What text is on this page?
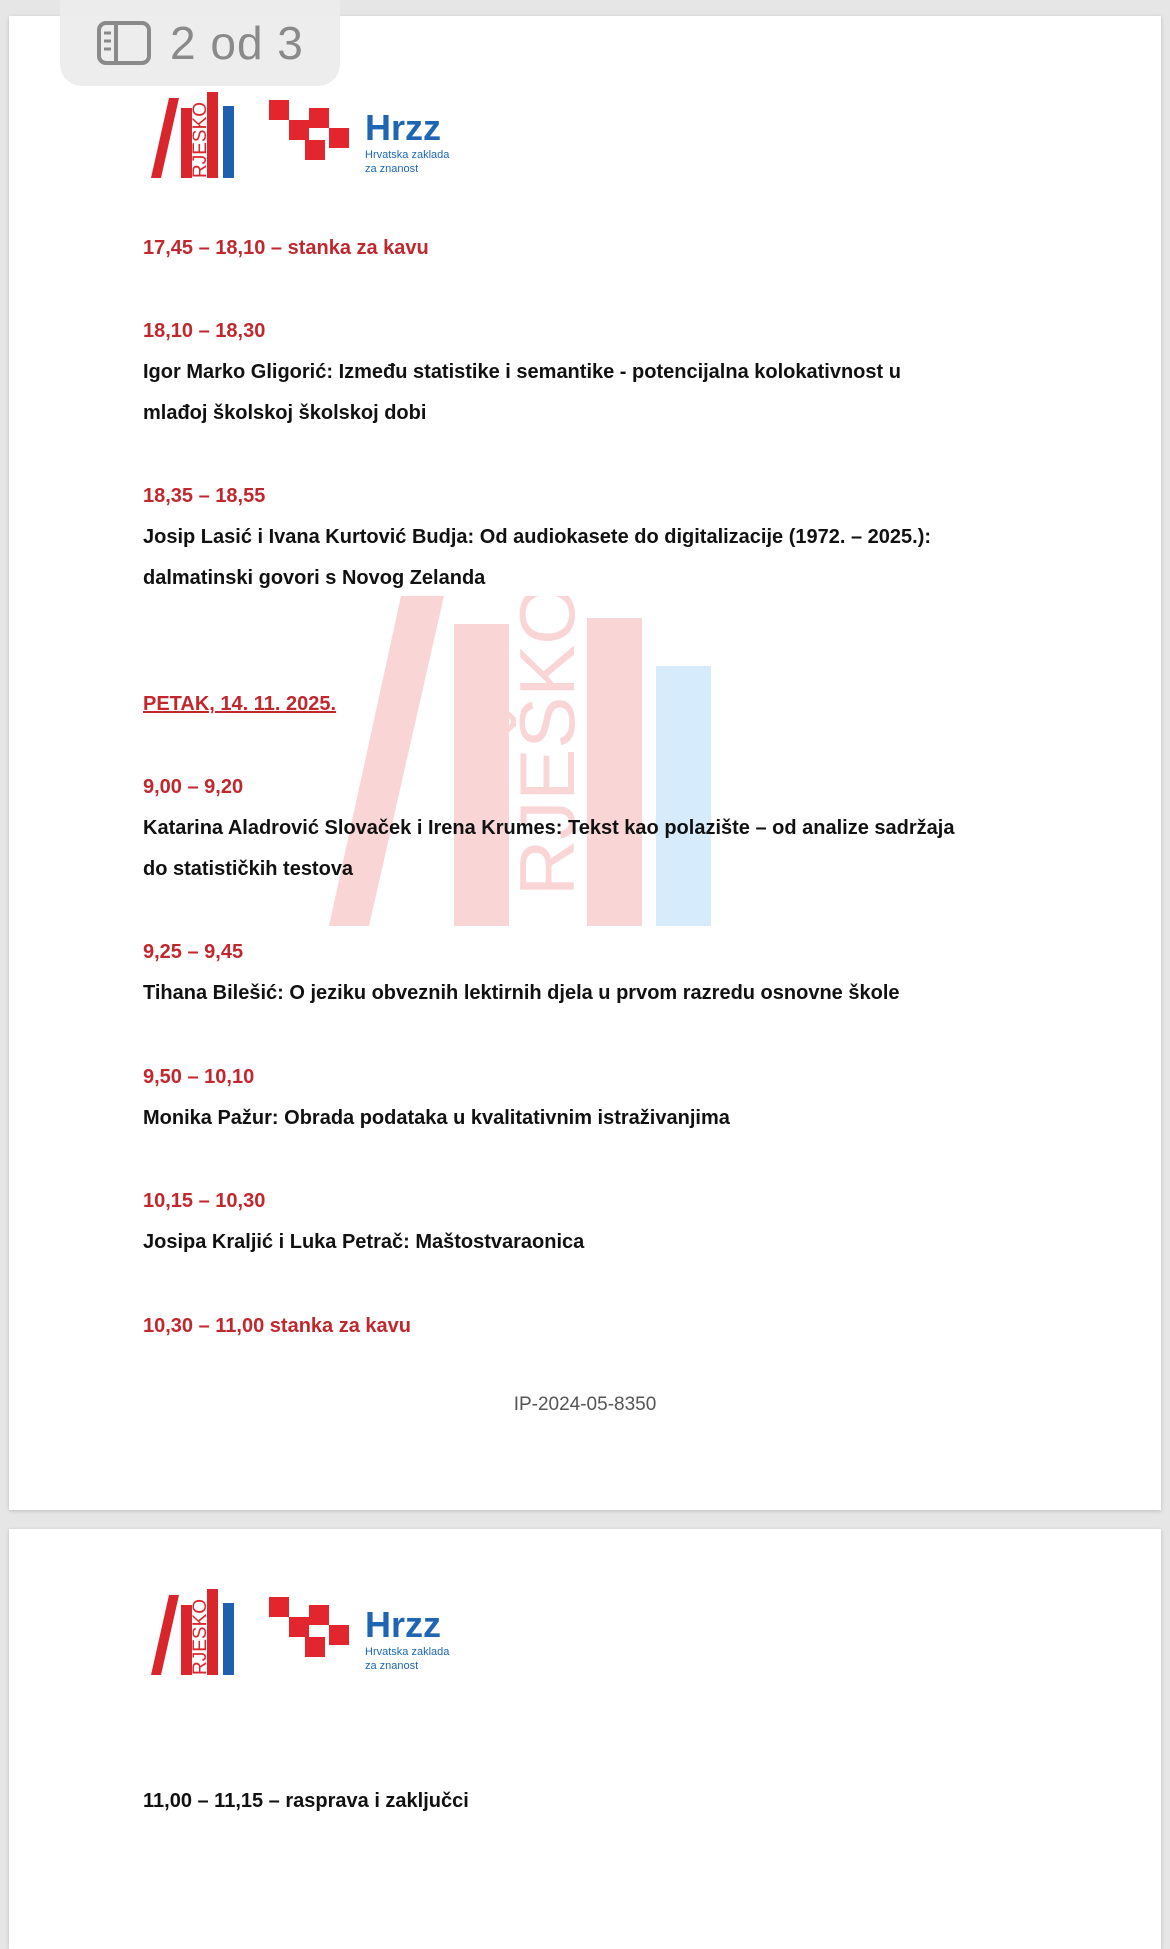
RJEŠKO
RJEŠKO	Hrzz
Hrvatska zaklada
za znanost
17,45 – 18,10 – stanka za kavu
18,10 – 18,30
Igor Marko Gligorić: Između statistike i semantike - potencijalna kolokativnost u
mlađoj školskoj školskoj dobi
18,35 – 18,55
Josip Lasić i Ivana Kurtović Budja: Od audiokasete do digitalizacije (1972. – 2025.):
dalmatinski govori s Novog Zelanda
PETAK, 14. 11. 2025.
9,00 – 9,20
Katarina Aladrović Slovaček i Irena Krumes: Tekst kao polazište – od analize sadržaja
do statističkih testova
9,25 – 9,45
Tihana Bilešić: O jeziku obveznih lektirnih djela u prvom razredu osnovne škole
9,50 – 10,10
Monika Pažur: Obrada podataka u kvalitativnim istraživanjima
10,15 – 10,30
Josipa Kraljić i Luka Petrač: Maštostvaraonica
10,30 – 11,00 stanka za kavu
IP-2024-05-8350
RJEŠKO	Hrzz
Hrvatska zaklada
za znanost
11,00 – 11,15 – rasprava i zaključci
2 od 3
